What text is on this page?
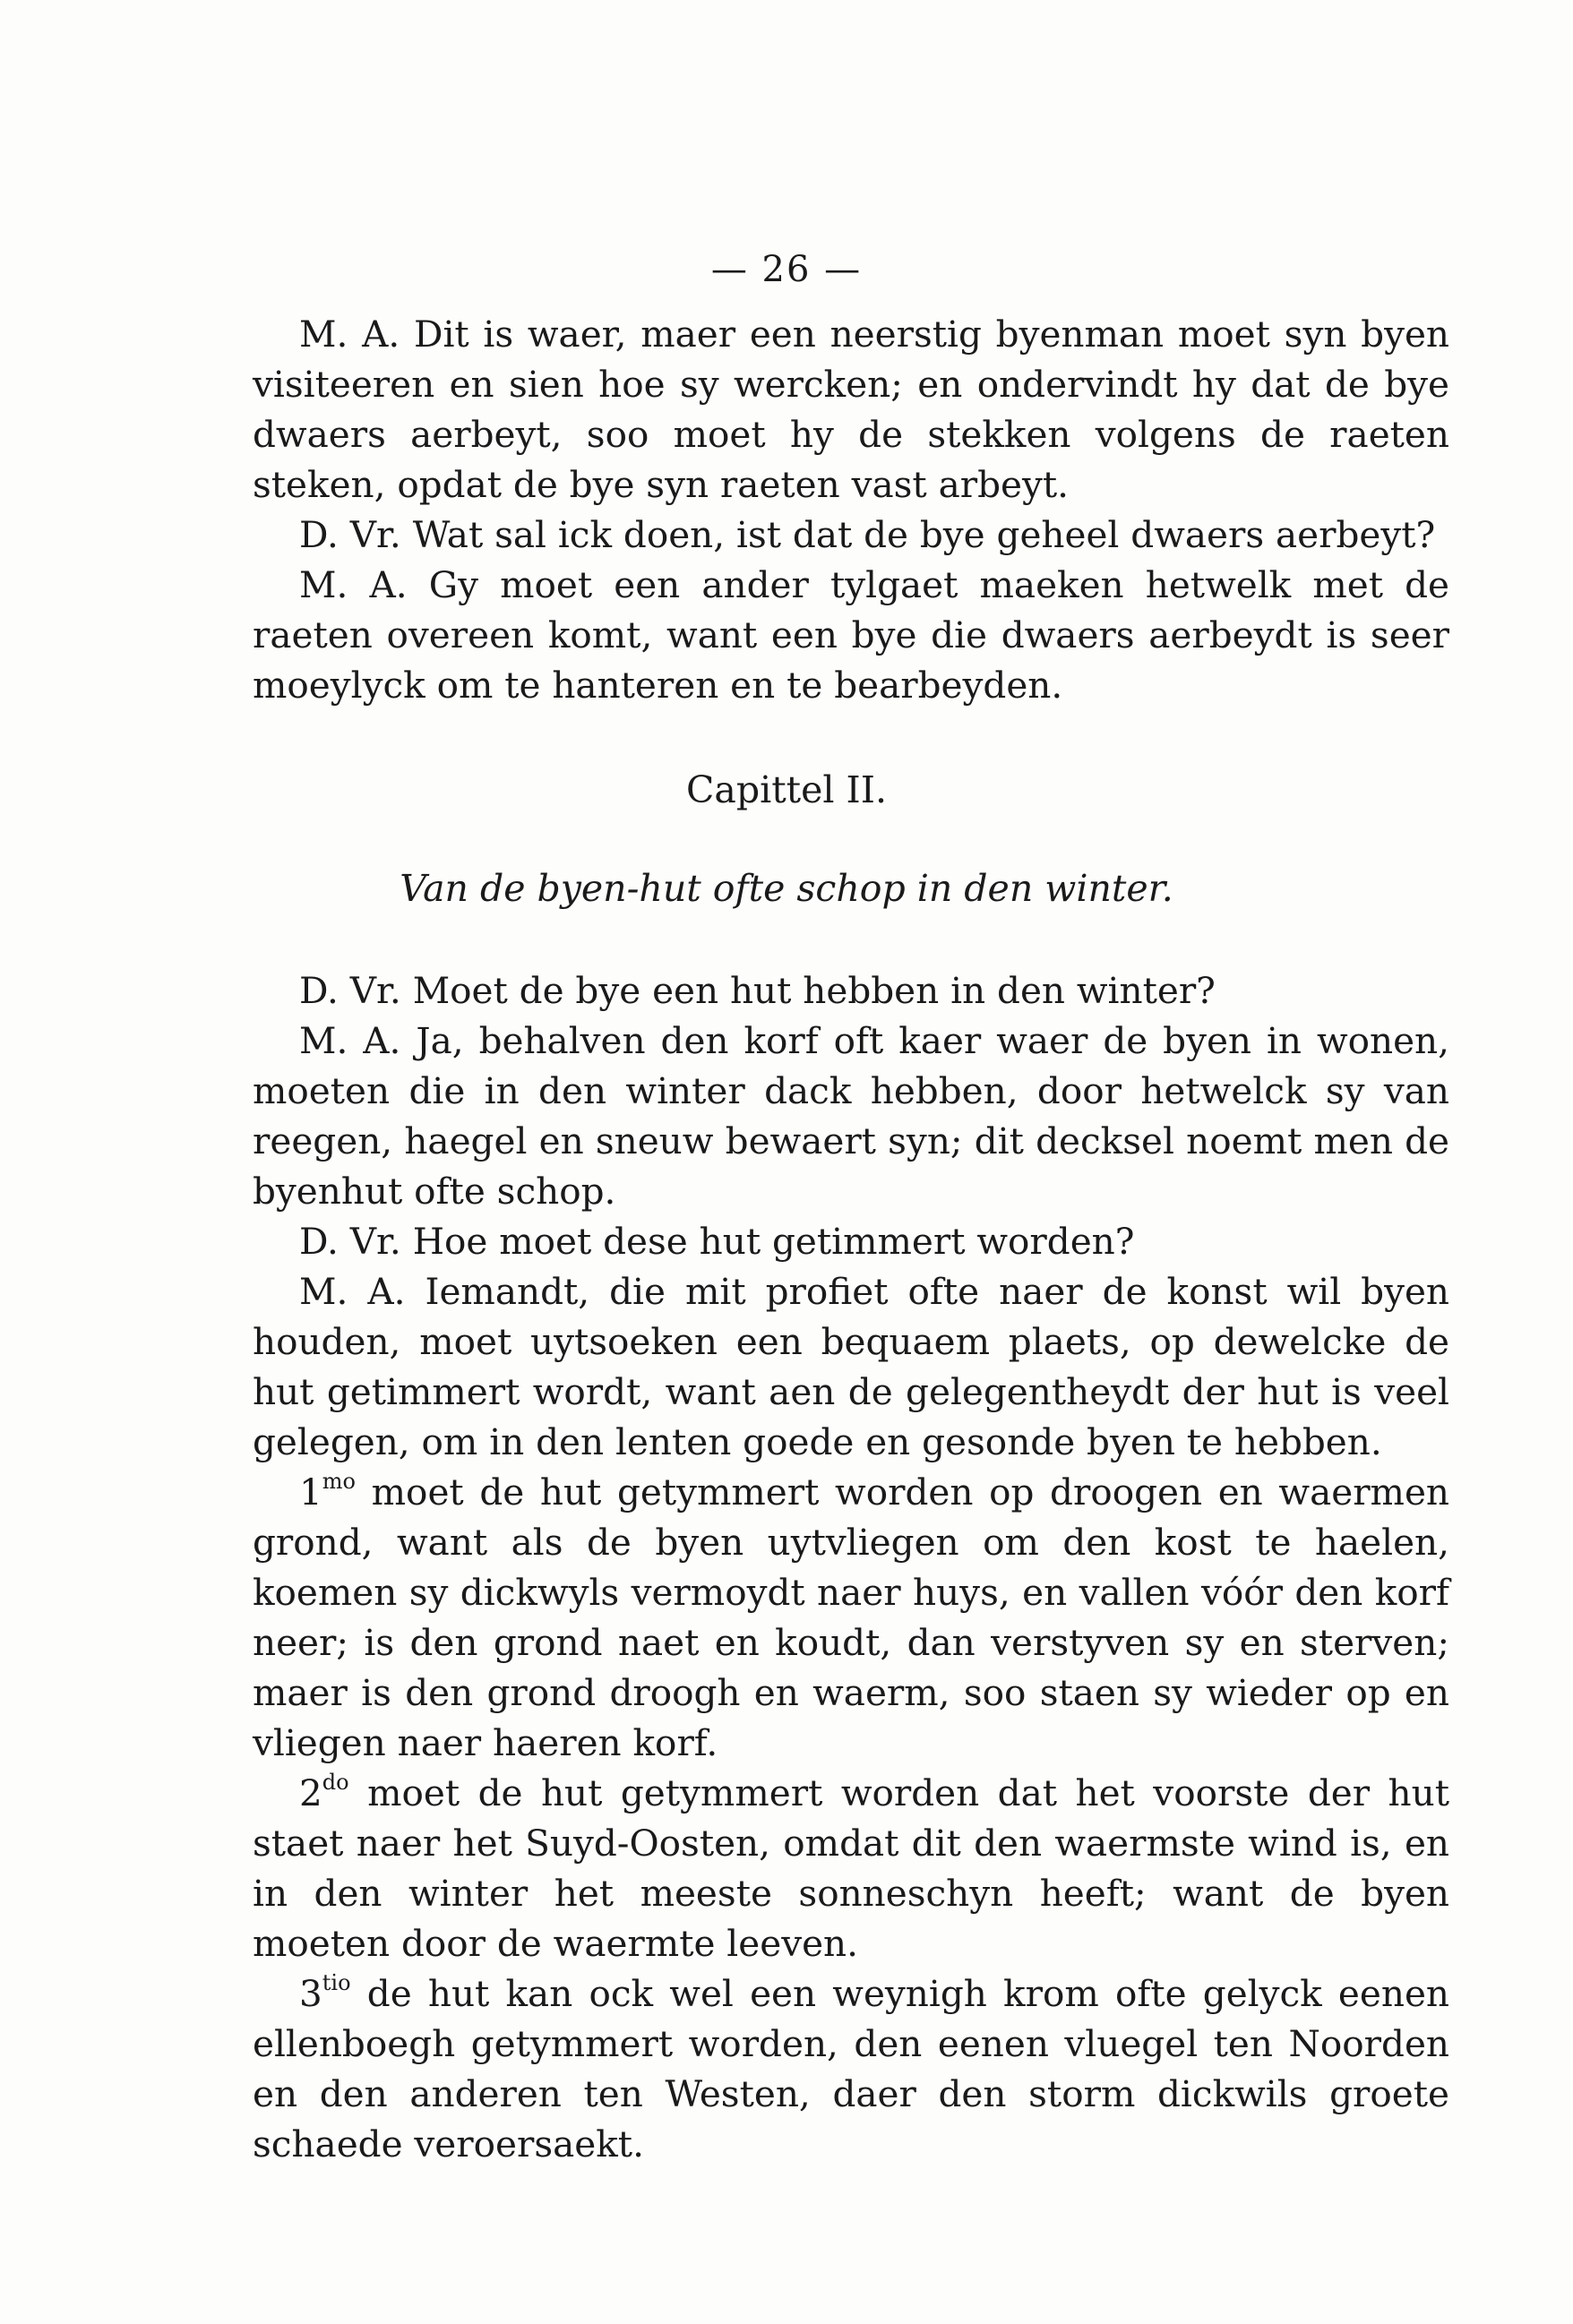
— 26 —

M. A. Dit is waer, maer een neerstig byenman moet syn byen visiteeren en sien hoe sy wercken; en ondervindt hy dat de bye dwaers aerbeyt, soo moet hy de stekken volgens de raeten steken, opdat de bye syn raeten vast arbeyt.

D. Vr. Wat sal ick doen, ist dat de bye geheel dwaers aerbeyt?

M. A. Gy moet een ander tylgaet maeken hetwelk met de raeten overeen komt, want een bye die dwaers aerbeydt is seer moeylyck om te hanteren en te bearbeyden.

Capittel II.
Van de byen-hut ofte schop in den winter.

D. Vr. Moet de bye een hut hebben in den winter?

M. A. Ja, behalven den korf oft kaer waer de byen in wonen, moeten die in den winter dack hebben, door hetwelck sy van reegen, haegel en sneuw bewaert syn; dit decksel noemt men de byenhut ofte schop.

D. Vr. Hoe moet dese hut getimmert worden?

M. A. Iemandt, die mit profiet ofte naer de konst wil byen houden, moet uytsoeken een bequaem plaets, op dewelcke de hut getimmert wordt, want aen de gelegentheydt der hut is veel gelegen, om in den lenten goede en gesonde byen te hebben.

$1^{mo}$ moet de hut getymmert worden op droogen en waermen grond, want als de byen uytvliegen om den kost te haelen, koemen sy dickwyls vermoydt naer huys, en vallen vóór den korf neer; is den grond naet en koudt, dan verstyven sy en sterven; maer is den grond droogh en waerm, soo staen sy wieder op en vliegen naer haeren korf.

$2^{do}$ moet de hut getymmert worden dat het voorste der hut staet naer het Suyd-Oosten, omdat dit den waermste wind is, en in den winter het meeste sonneschyn heeft; want de byen moeten door de waermte leeven.

$3^{tio}$ de hut kan ock wel een weynigh krom ofte gelyck eenen ellenboegh getymmert worden, den eenen vluegel ten Noorden en den anderen ten Westen, daer den storm dickwils groete schaede veroersaekt.
